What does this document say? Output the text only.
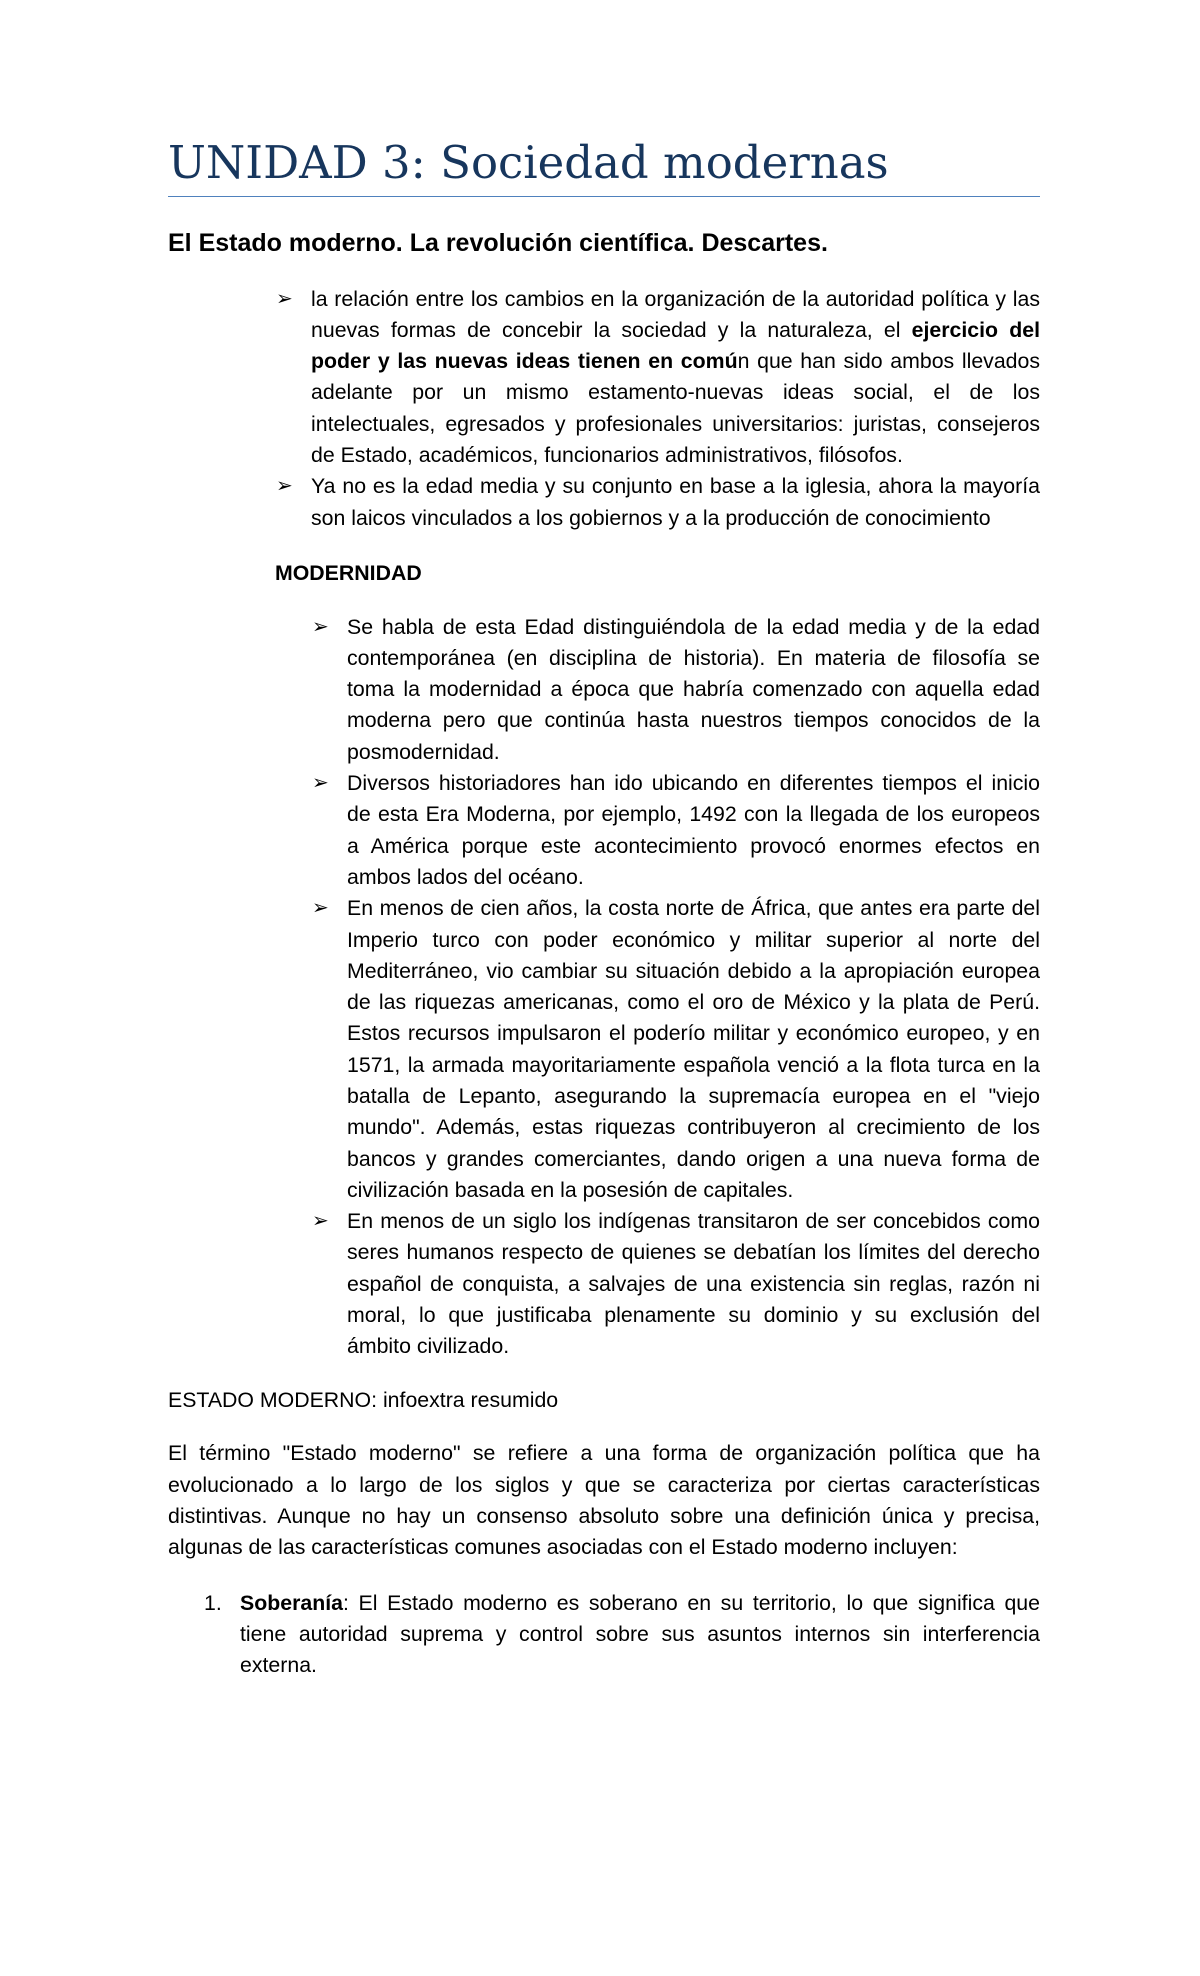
UNIDAD 3: Sociedad modernas
El Estado moderno. La revolución científica. Descartes.
➢ la relación entre los cambios en la organización de la autoridad política y las nuevas formas de concebir la sociedad y la naturaleza, el ejercicio del poder y las nuevas ideas tienen en común que han sido ambos llevados adelante por un mismo estamento-nuevas ideas social, el de los intelectuales, egresados y profesionales universitarios: juristas, consejeros de Estado, académicos, funcionarios administrativos, filósofos.
➢ Ya no es la edad media y su conjunto en base a la iglesia, ahora la mayoría son laicos vinculados a los gobiernos y a la producción de conocimiento
MODERNIDAD
➢ Se habla de esta Edad distinguiéndola de la edad media y de la edad contemporánea (en disciplina de historia). En materia de filosofía se toma la modernidad a época que habría comenzado con aquella edad moderna pero que continúa hasta nuestros tiempos conocidos de la posmodernidad.
➢ Diversos historiadores han ido ubicando en diferentes tiempos el inicio de esta Era Moderna, por ejemplo, 1492 con la llegada de los europeos a América porque este acontecimiento provocó enormes efectos en ambos lados del océano.
➢ En menos de cien años, la costa norte de África, que antes era parte del Imperio turco con poder económico y militar superior al norte del Mediterráneo, vio cambiar su situación debido a la apropiación europea de las riquezas americanas, como el oro de México y la plata de Perú. Estos recursos impulsaron el poderío militar y económico europeo, y en 1571, la armada mayoritariamente española venció a la flota turca en la batalla de Lepanto, asegurando la supremacía europea en el "viejo mundo". Además, estas riquezas contribuyeron al crecimiento de los bancos y grandes comerciantes, dando origen a una nueva forma de civilización basada en la posesión de capitales.
➢ En menos de un siglo los indígenas transitaron de ser concebidos como seres humanos respecto de quienes se debatían los límites del derecho español de conquista, a salvajes de una existencia sin reglas, razón ni moral, lo que justificaba plenamente su dominio y su exclusión del ámbito civilizado.
ESTADO MODERNO: infoextra resumido

El término "Estado moderno" se refiere a una forma de organización política que ha evolucionado a lo largo de los siglos y que se caracteriza por ciertas características distintivas. Aunque no hay un consenso absoluto sobre una definición única y precisa, algunas de las características comunes asociadas con el Estado moderno incluyen:

1. Soberanía: El Estado moderno es soberano en su territorio, lo que significa que tiene autoridad suprema y control sobre sus asuntos internos sin interferencia externa.
